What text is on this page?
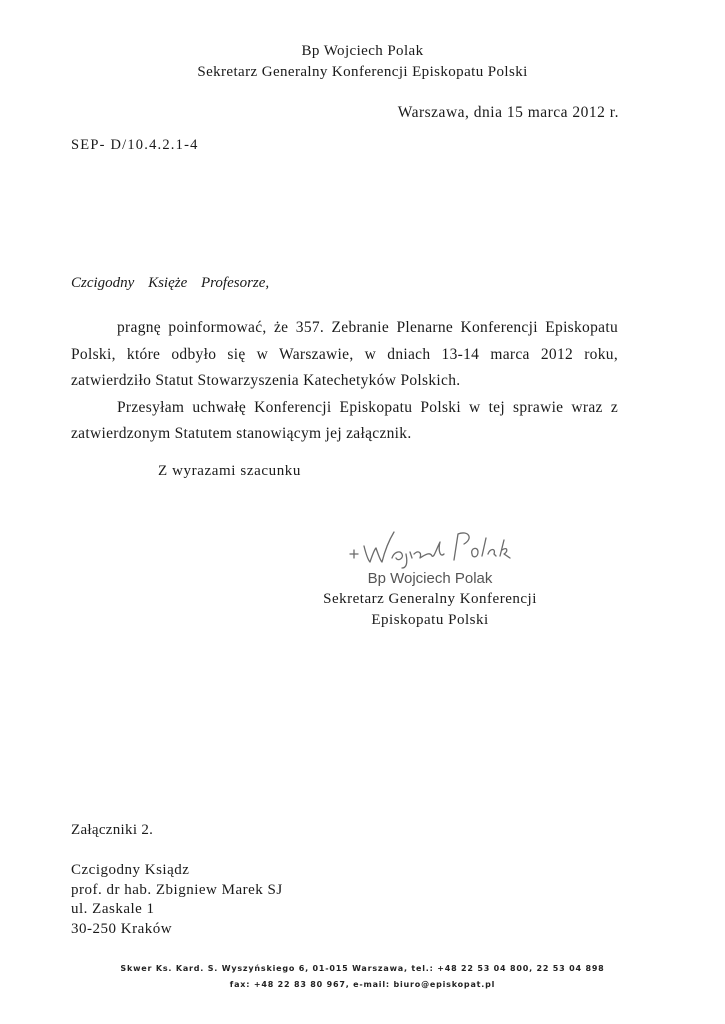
Bp Wojciech Polak
Sekretarz Generalny Konferencji Episkopatu Polski
Warszawa, dnia 15 marca 2012 r.
SEP- D/10.4.2.1-4
Czcigodny Księże Profesorze,

pragnę poinformować, że 357. Zebranie Plenarne Konferencji Episkopatu Polski, które odbyło się w Warszawie, w dniach 13-14 marca 2012 roku, zatwierdziło Statut Stowarzyszenia Katechetyków Polskich.

Przesyłam uchwałę Konferencji Episkopatu Polski w tej sprawie wraz z zatwierdzonym Statutem stanowiącym jej załącznik.

Z wyrazami szacunku
Bp Wojciech Polak
Sekretarz Generalny Konferencji
Episkopatu Polski
Załączniki 2.
Czcigodny Ksiądz
prof. dr hab. Zbigniew Marek SJ
ul. Zaskale 1
30-250 Kraków
Skwer Ks. Kard. S. Wyszyńskiego 6, 01-015 Warszawa, tel.: +48 22 53 04 800, 22 53 04 898
fax: +48 22 83 80 967, e-mail: biuro@episkopat.pl
